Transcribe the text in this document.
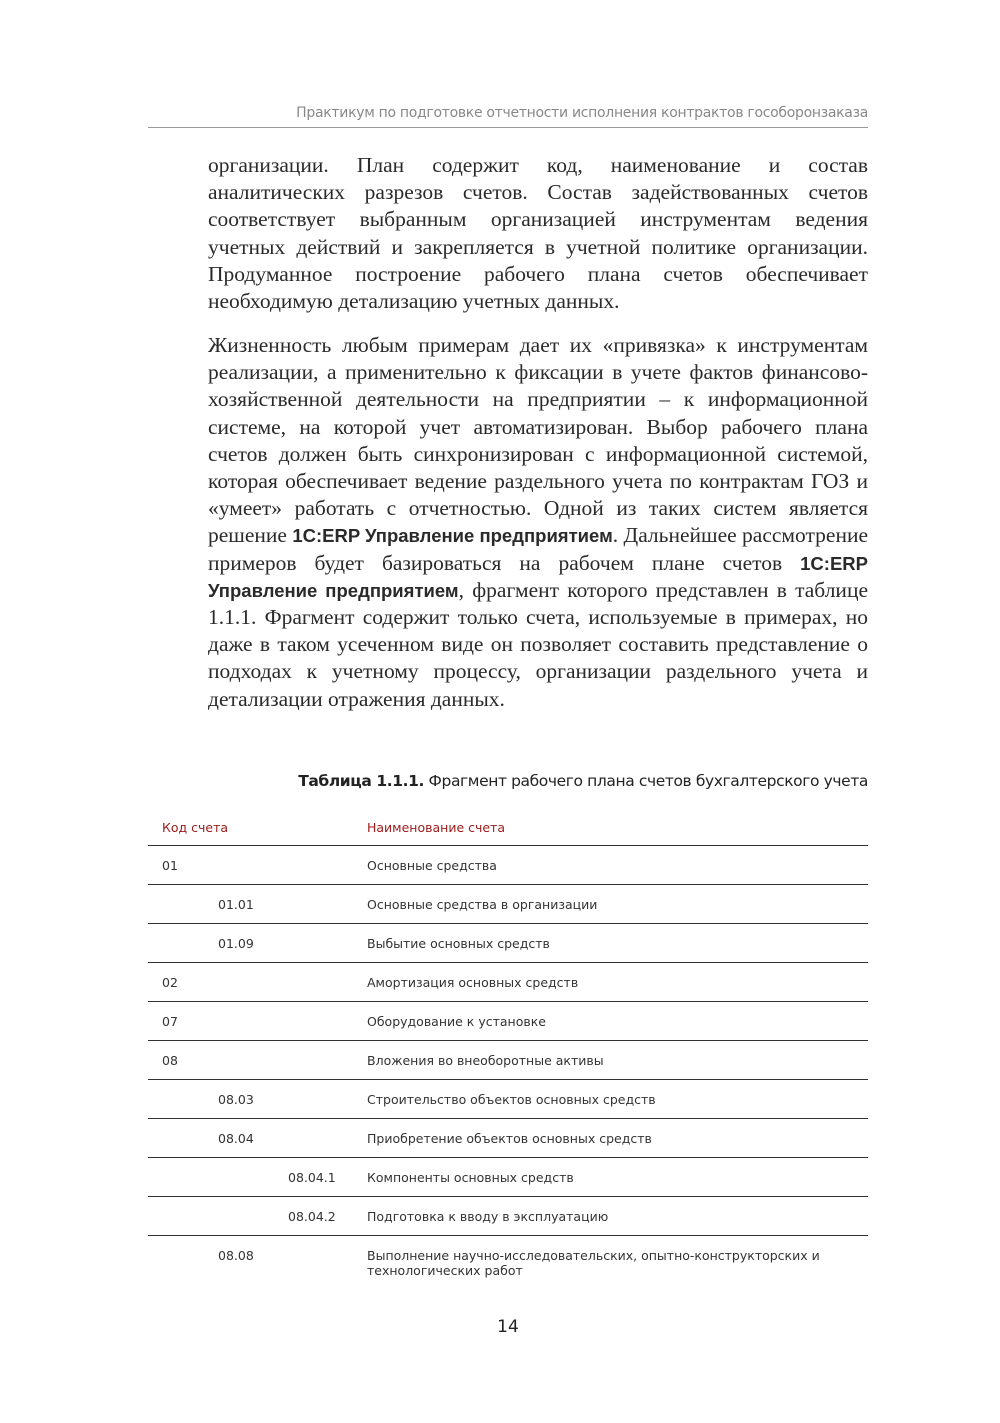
Практикум по подготовке отчетности исполнения контрактов гособоронзаказа

организации. План содержит код, наименование и состав аналитических разрезов счетов. Состав задействованных счетов соответствует выбранным организацией инструментам ведения учетных действий и закрепляется в учетной политике организации. Продуманное построение рабочего плана счетов обеспечивает необходимую детализацию учетных данных.

Жизненность любым примерам дает их «привязка» к инструментам реализации, а применительно к фиксации в учете фактов финансово-хозяйственной деятельности на предприятии – к информационной системе, на которой учет автоматизирован. Выбор рабочего плана счетов должен быть синхронизирован с информационной системой, которая обеспечивает ведение раздельного учета по контрактам ГОЗ и «умеет» работать с отчетностью. Одной из таких систем является решение 1С:ERP Управление предприятием. Дальнейшее рассмотрение примеров будет базироваться на рабочем плане счетов 1С:ERP Управление предприятием, фрагмент которого представлен в таблице 1.1.1. Фрагмент содержит только счета, используемые в примерах, но даже в таком усеченном виде он позволяет составить представление о подходах к учетному процессу, организации раздельного учета и детализации отражения данных.

Таблица 1.1.1. Фрагмент рабочего плана счетов бухгалтерского учета
Код счета	Наименование счета
01	Основные средства
01.01	Основные средства в организации
01.09	Выбытие основных средств
02	Амортизация основных средств
07	Оборудование к установке
08	Вложения во внеоборотные активы
08.03	Строительство объектов основных средств
08.04	Приобретение объектов основных средств
08.04.1	Компоненты основных средств
08.04.2	Подготовка к вводу в эксплуатацию
08.08	Выполнение научно-исследовательских, опытно-конструкторских и технологических работ
14
